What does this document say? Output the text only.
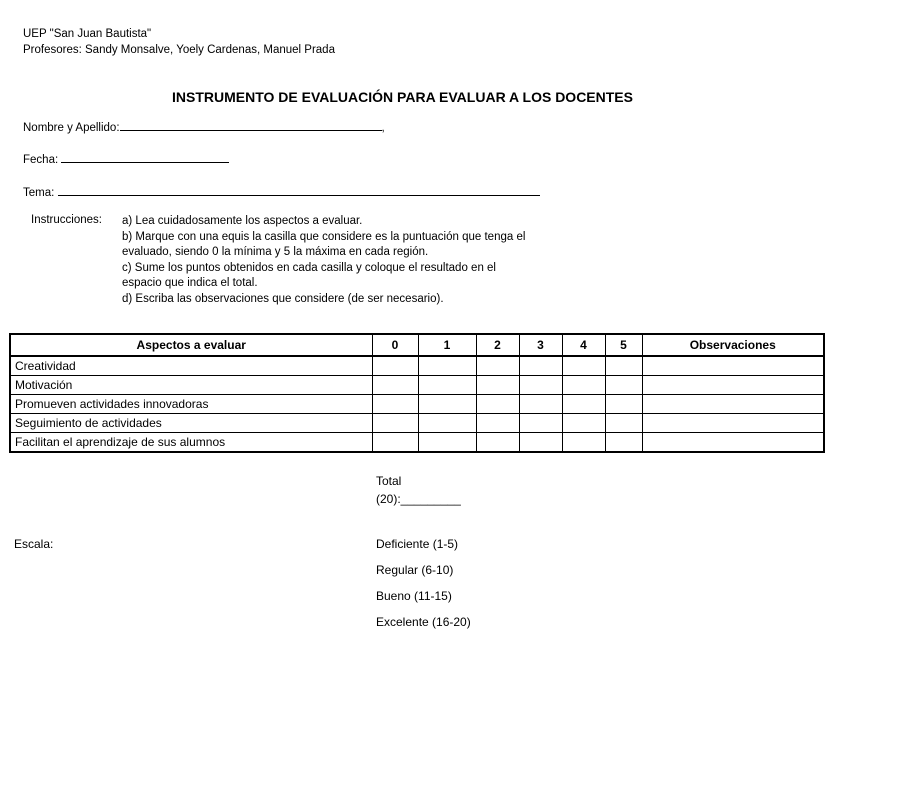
UEP "San Juan Bautista"
Profesores: Sandy Monsalve, Yoely Cardenas, Manuel Prada
INSTRUMENTO DE EVALUACIÓN PARA EVALUAR A LOS DOCENTES
Nombre y Apellido:	,
Fecha:
Tema:
Instrucciones: a) Lea cuidadosamente los aspectos a evaluar.
b) Marque con una equis la casilla que considere es la puntuación que tenga el
evaluado, siendo 0 la mínima y 5 la máxima en cada región.
c) Sume los puntos obtenidos en cada casilla y coloque el resultado en el
espacio que indica el total.
d) Escriba las observaciones que considere (de ser necesario).
Aspectos a evaluar	0	1	2	3	4	5	Observaciones
Creatividad							
Motivación							
Promueven actividades innovadoras							
Seguimiento de actividades							
Facilitan el aprendizaje de sus alumnos							
Total
(20):_________
Escala:	Deficiente (1-5)
Regular (6-10)
Bueno (11-15)
Excelente (16-20)
